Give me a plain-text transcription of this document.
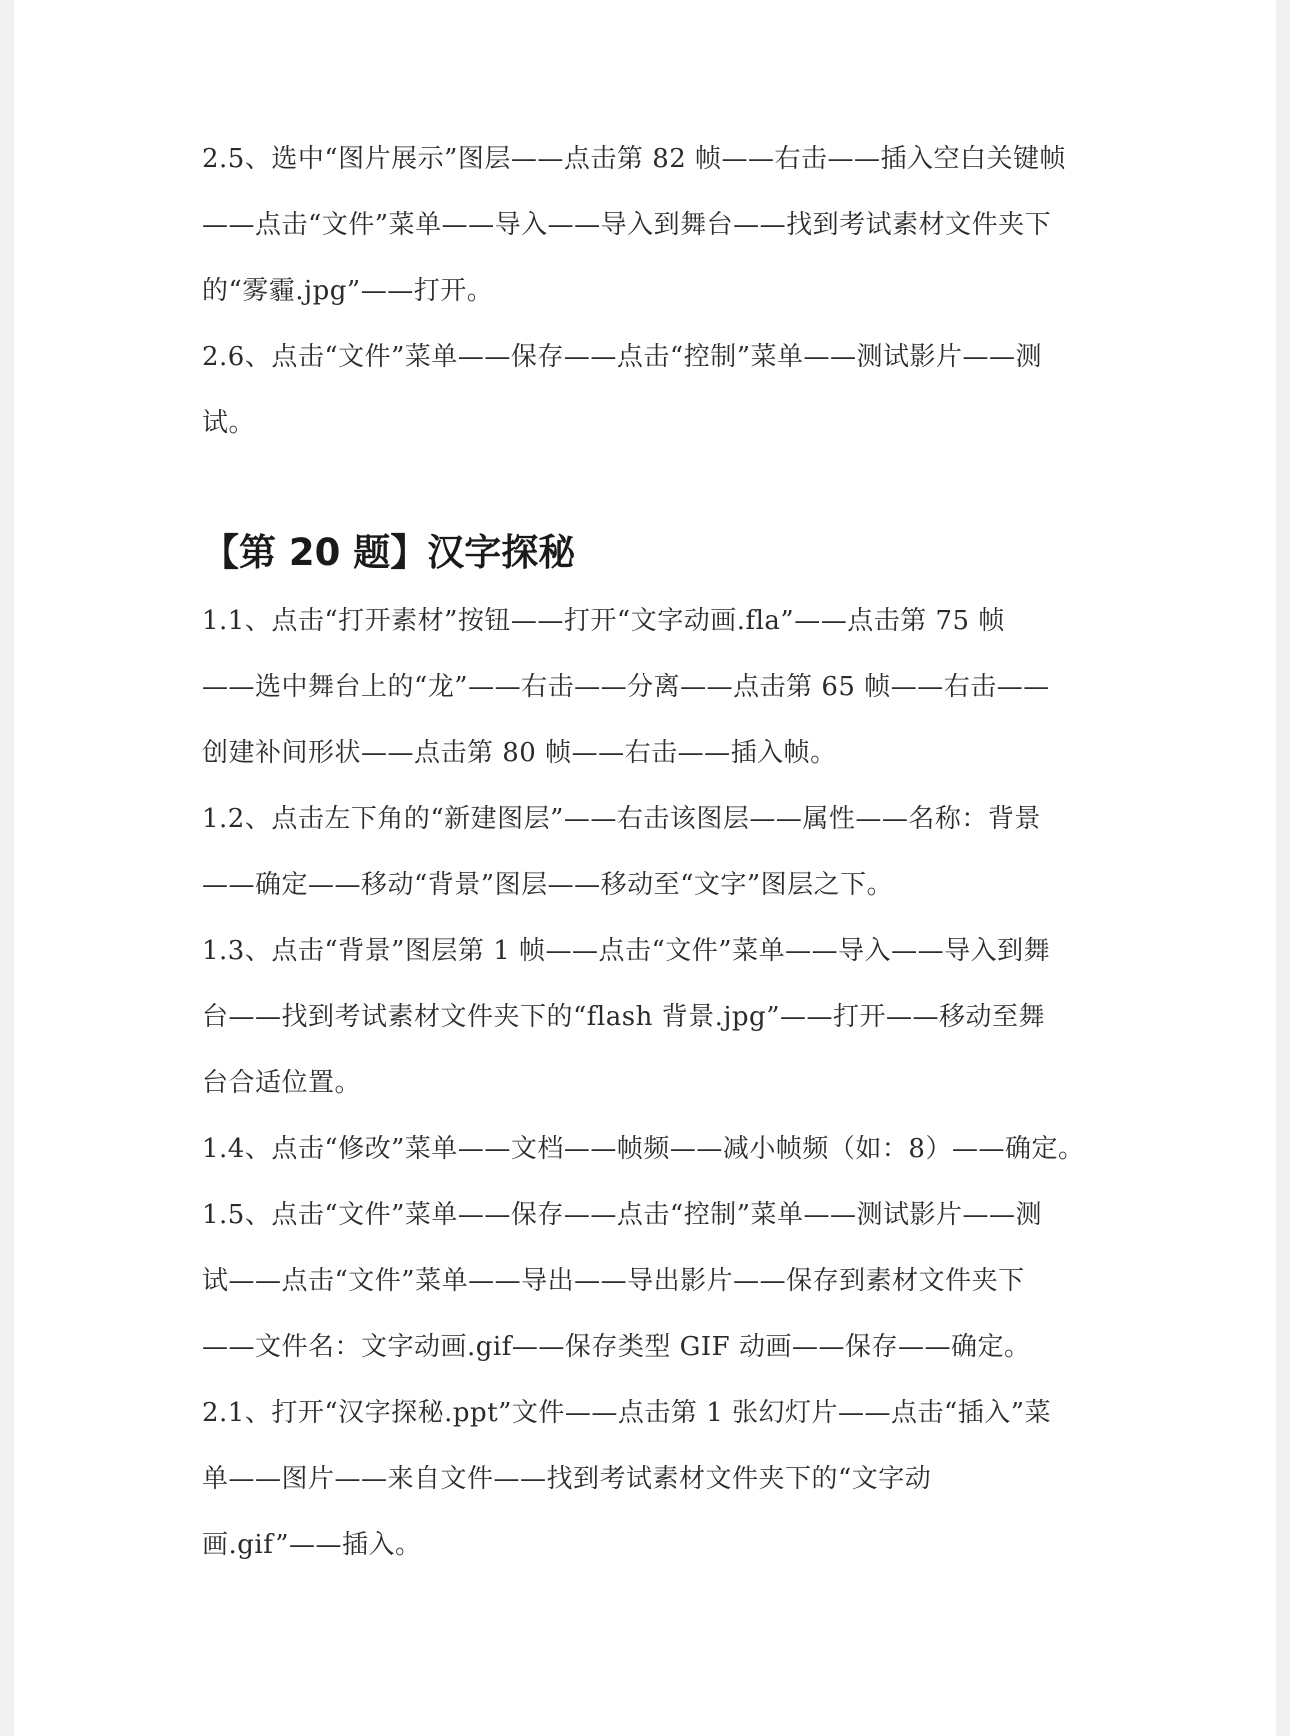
2.5、选中“图片展示”图层——点击第 82 帧——右击——插入空白关键帧
——点击“文件”菜单——导入——导入到舞台——找到考试素材文件夹下
的“雾霾.jpg”——打开。
2.6、点击“文件”菜单——保存——点击“控制”菜单——测试影片——测
试。
【第 20 题】汉字探秘
1.1、点击“打开素材”按钮——打开“文字动画.fla”——点击第 75 帧
——选中舞台上的“龙”——右击——分离——点击第 65 帧——右击——
创建补间形状——点击第 80 帧——右击——插入帧。
1.2、点击左下角的“新建图层”——右击该图层——属性——名称：背景
——确定——移动“背景”图层——移动至“文字”图层之下。
1.3、点击“背景”图层第 1 帧——点击“文件”菜单——导入——导入到舞
台——找到考试素材文件夹下的“flash 背景.jpg”——打开——移动至舞
台合适位置。
1.4、点击“修改”菜单——文档——帧频——减小帧频（如：8）——确定。
1.5、点击“文件”菜单——保存——点击“控制”菜单——测试影片——测
试——点击“文件”菜单——导出——导出影片——保存到素材文件夹下
——文件名：文字动画.gif——保存类型 GIF 动画——保存——确定。
2.1、打开“汉字探秘.ppt”文件——点击第 1 张幻灯片——点击“插入”菜
单——图片——来自文件——找到考试素材文件夹下的“文字动
画.gif”——插入。
